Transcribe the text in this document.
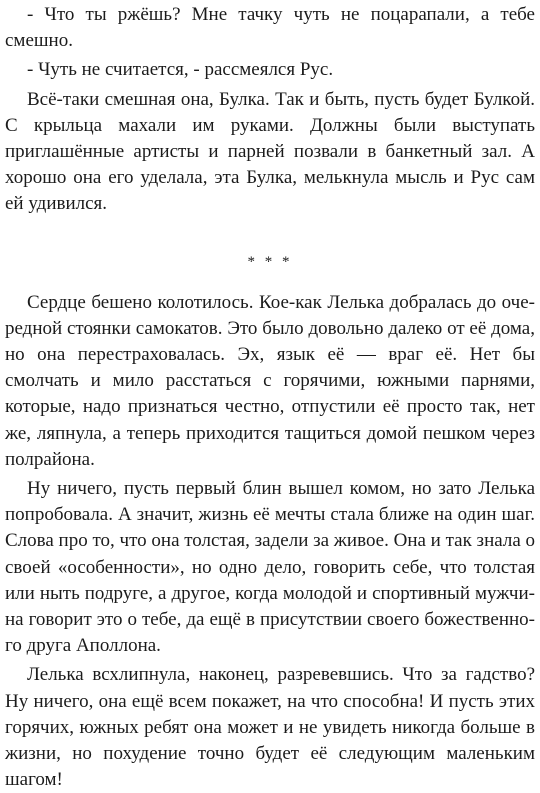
- Что ты ржёшь? Мне тачку чуть не поцарапали, а тебе смешно.

- Чуть не считается, - рассмеялся Рус.

Всё-таки смешная она, Булка. Так и быть, пусть будет Булкой. С крыльца махали им руками. Должны были выступать приглашённые артисты и парней позвали в банкетный зал. А хорошо она его уделала, эта Булка, мелькнула мысль и Рус сам ей удивился.

* * *

Сердце бешено колотилось. Кое-как Лелька добралась до очередной стоянки самокатов. Это было довольно далеко от её дома, но она перестраховалась. Эх, язык её — враг её. Нет бы смолчать и мило расстаться с горячими, южными парнями, которые, надо признаться честно, отпустили её просто так, нет же, ляпнула, а теперь приходится тащиться домой пешком через полрайона.

Ну ничего, пусть первый блин вышел комом, но зато Лелька попробовала. А значит, жизнь её мечты стала ближе на один шаг. Слова про то, что она толстая, задели за живое. Она и так знала о своей «особенности», но одно дело, говорить себе, что толстая или ныть подруге, а другое, когда молодой и спортивный мужчина говорит это о тебе, да ещё в присутствии своего божественного друга Аполлона.

Лелька всхлипнула, наконец, разревевшись. Что за гадство? Ну ничего, она ещё всем покажет, на что способна! И пусть этих горячих, южных ребят она может и не увидеть никогда больше в жизни, но похудение точно будет её следующим маленьким шагом!
